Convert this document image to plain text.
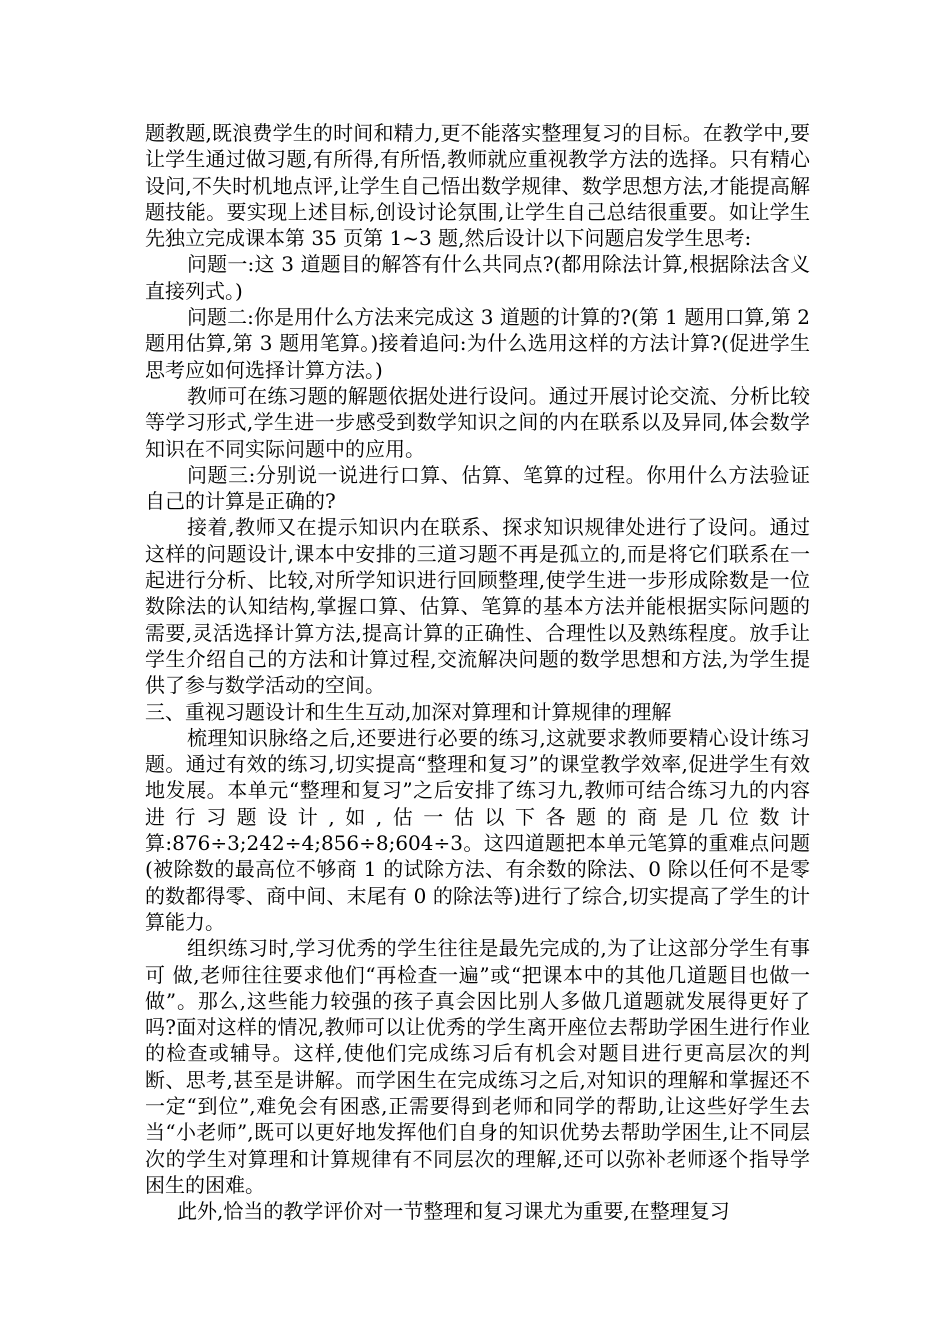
题教题,既浪费学生的时间和精力,更不能落实整理复习的目标。在教学中,要让学生通过做习题,有所得,有所悟,教师就应重视教学方法的选择。只有精心设问,不失时机地点评,让学生自己悟出数学规律、数学思想方法,才能提高解题技能。要实现上述目标,创设讨论氛围,让学生自己总结很重要。如让学生先独立完成课本第 35 页第 1~3 题,然后设计以下问题启发学生思考:

问题一:这 3 道题目的解答有什么共同点?(都用除法计算,根据除法含义直接列式。)

问题二:你是用什么方法来完成这 3 道题的计算的?(第 1 题用口算,第 2 题用估算,第 3 题用笔算。)接着追问:为什么选用这样的方法计算?(促进学生思考应如何选择计算方法。)

教师可在练习题的解题依据处进行设问。通过开展讨论交流、分析比较等学习形式,学生进一步感受到数学知识之间的内在联系以及异同,体会数学知识在不同实际问题中的应用。

问题三:分别说一说进行口算、估算、笔算的过程。你用什么方法验证自己的计算是正确的?

接着,教师又在提示知识内在联系、探求知识规律处进行了设问。通过这样的问题设计,课本中安排的三道习题不再是孤立的,而是将它们联系在一起进行分析、比较,对所学知识进行回顾整理,使学生进一步形成除数是一位数除法的认知结构,掌握口算、估算、笔算的基本方法并能根据实际问题的需要,灵活选择计算方法,提高计算的正确性、合理性以及熟练程度。放手让学生介绍自己的方法和计算过程,交流解决问题的数学思想和方法,为学生提供了参与数学活动的空间。

三、重视习题设计和生生互动,加深对算理和计算规律的理解

梳理知识脉络之后,还要进行必要的练习,这就要求教师要精心设计练习题。通过有效的练习,切实提高“整理和复习”的课堂教学效率,促进学生有效地发展。本单元“整理和复习”之后安排了练习九,教师可结合练习九的内容进行习题设计,如,估一估以下各题的商是几位数计算:876÷3;242÷4;856÷8;604÷3。这四道题把本单元笔算的重难点问题(被除数的最高位不够商 1 的试除方法、有余数的除法、0 除以任何不是零的数都得零、商中间、末尾有 0 的除法等)进行了综合,切实提高了学生的计算能力。

组织练习时,学习优秀的学生往往是最先完成的,为了让这部分学生有事可 做,老师往往要求他们“再检查一遍”或“把课本中的其他几道题目也做一做”。那么,这些能力较强的孩子真会因比别人多做几道题就发展得更好了吗?面对这样的情况,教师可以让优秀的学生离开座位去帮助学困生进行作业的检查或辅导。这样,使他们完成练习后有机会对题目进行更高层次的判断、思考,甚至是讲解。而学困生在完成练习之后,对知识的理解和掌握还不一定“到位”,难免会有困惑,正需要得到老师和同学的帮助,让这些好学生去当“小老师”,既可以更好地发挥他们自身的知识优势去帮助学困生,让不同层次的学生对算理和计算规律有不同层次的理解,还可以弥补老师逐个指导学困生的困难。

此外,恰当的教学评价对一节整理和复习课尤为重要,在整理复习
